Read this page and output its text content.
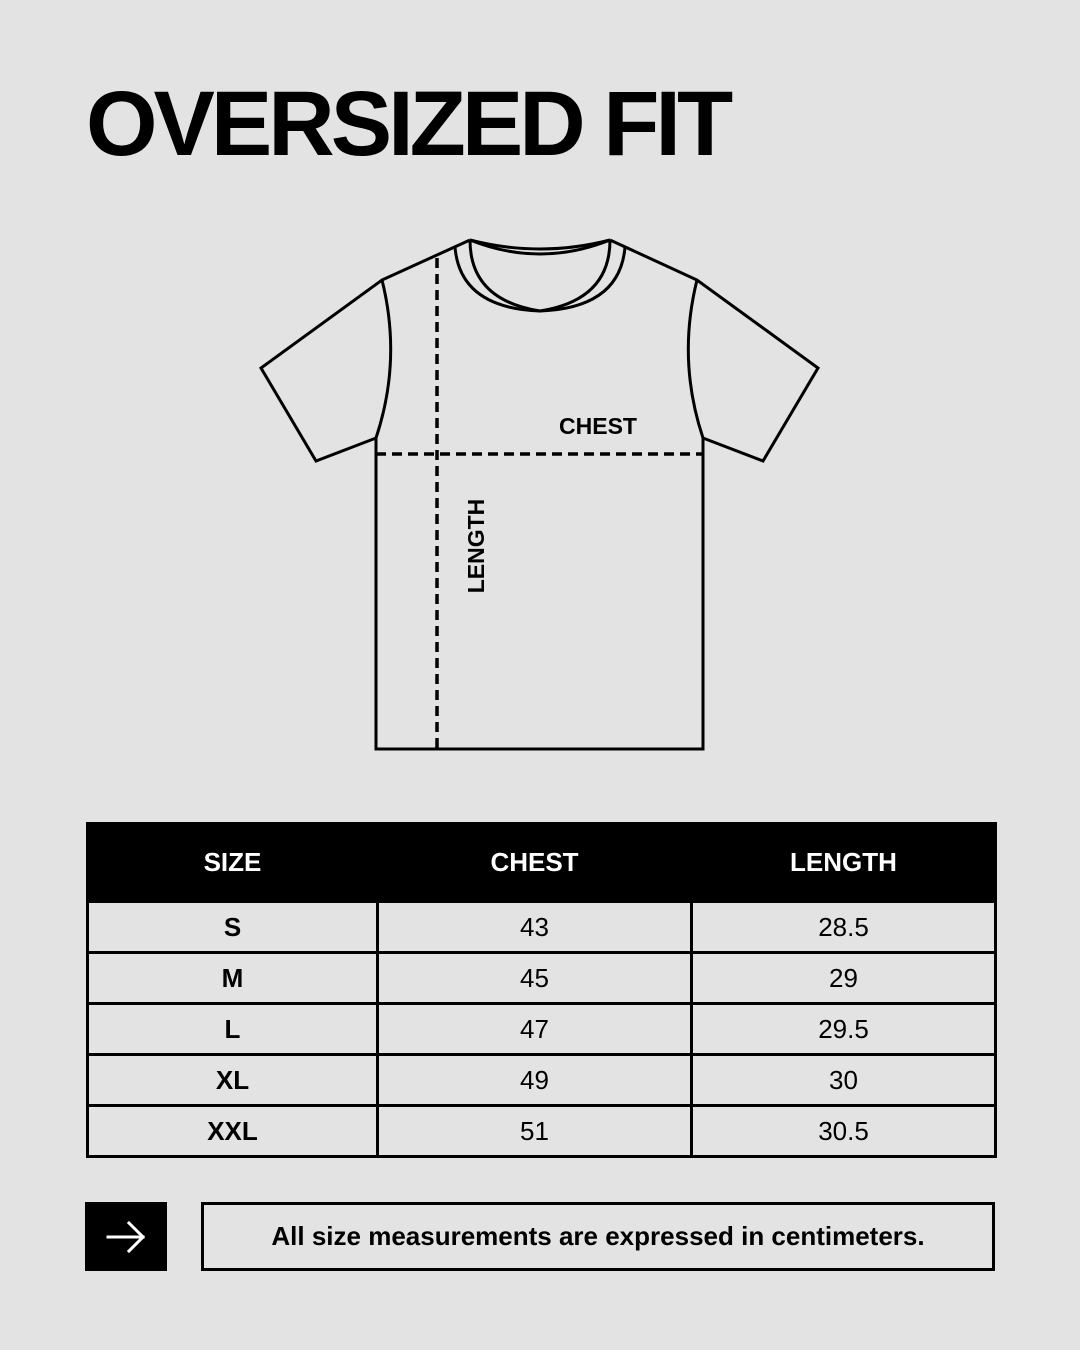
OVERSIZED FIT
CHEST
LENGTH
SIZE	CHEST	LENGTH
S	43	28.5
M	45	29
L	47	29.5
XL	49	30
XXL	51	30.5
All size measurements are expressed in centimeters.
